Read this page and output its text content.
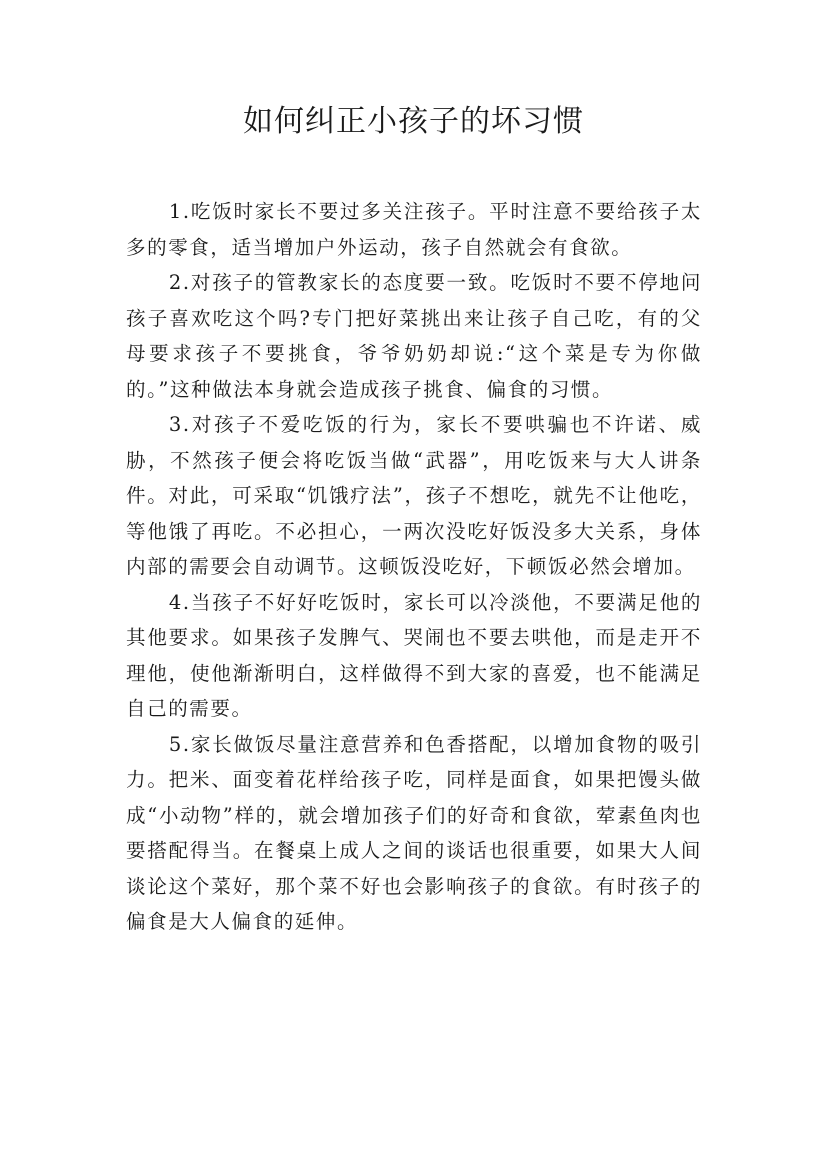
如何纠正小孩子的坏习惯

1.吃饭时家长不要过多关注孩子。平时注意不要给孩子太多的零食，适当增加户外运动，孩子自然就会有食欲。

2.对孩子的管教家长的态度要一致。吃饭时不要不停地问孩子喜欢吃这个吗?专门把好菜挑出来让孩子自己吃，有的父母要求孩子不要挑食，爷爷奶奶却说:“这个菜是专为你做的。”这种做法本身就会造成孩子挑食、偏食的习惯。

3.对孩子不爱吃饭的行为，家长不要哄骗也不许诺、威胁，不然孩子便会将吃饭当做“武器”，用吃饭来与大人讲条件。对此，可采取“饥饿疗法”，孩子不想吃，就先不让他吃，等他饿了再吃。不必担心，一两次没吃好饭没多大关系，身体内部的需要会自动调节。这顿饭没吃好，下顿饭必然会增加。

4.当孩子不好好吃饭时，家长可以冷淡他，不要满足他的其他要求。如果孩子发脾气、哭闹也不要去哄他，而是走开不理他，使他渐渐明白，这样做得不到大家的喜爱，也不能满足自己的需要。

5.家长做饭尽量注意营养和色香搭配，以增加食物的吸引力。把米、面变着花样给孩子吃，同样是面食，如果把馒头做成“小动物”样的，就会增加孩子们的好奇和食欲，荤素鱼肉也要搭配得当。在餐桌上成人之间的谈话也很重要，如果大人间谈论这个菜好，那个菜不好也会影响孩子的食欲。有时孩子的偏食是大人偏食的延伸。
